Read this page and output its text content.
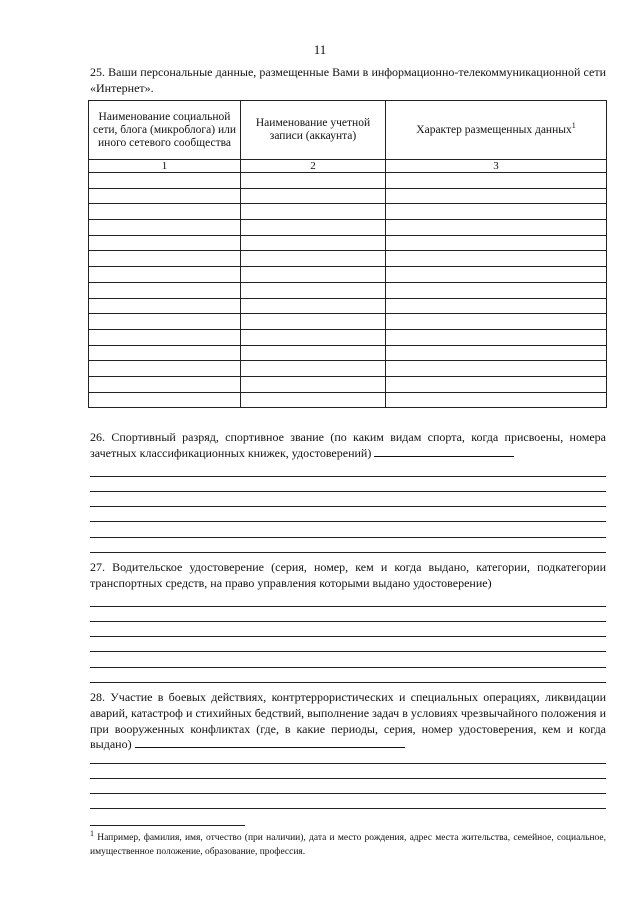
11
25. Ваши персональные данные, размещенные Вами в информационно-телекоммуникационной сети «Интернет».
Наименование социальной сети, блога (микроблога) или иного сетевого сообщества	Наименование учетной записи (аккаунта)	Характер размещенных данных$^1$
1	2	3

26. Спортивный разряд, спортивное звание (по каким видам спорта, когда присвоены, номера зачетных классификационных книжек, удостоверений)
27. Водительское удостоверение (серия, номер, кем и когда выдано, категории, подкатегории транспортных средств, на право управления которыми выдано удостоверение)
28. Участие в боевых действиях, контртеррористических и специальных операциях, ликвидации аварий, катастроф и стихийных бедствий, выполнение задач в условиях чрезвычайного положения и при вооруженных конфликтах (где, в какие периоды, серия, номер удостоверения, кем и когда выдано)
$^1$ Например, фамилия, имя, отчество (при наличии), дата и место рождения, адрес места жительства, семейное, социальное, имущественное положение, образование, профессия.
